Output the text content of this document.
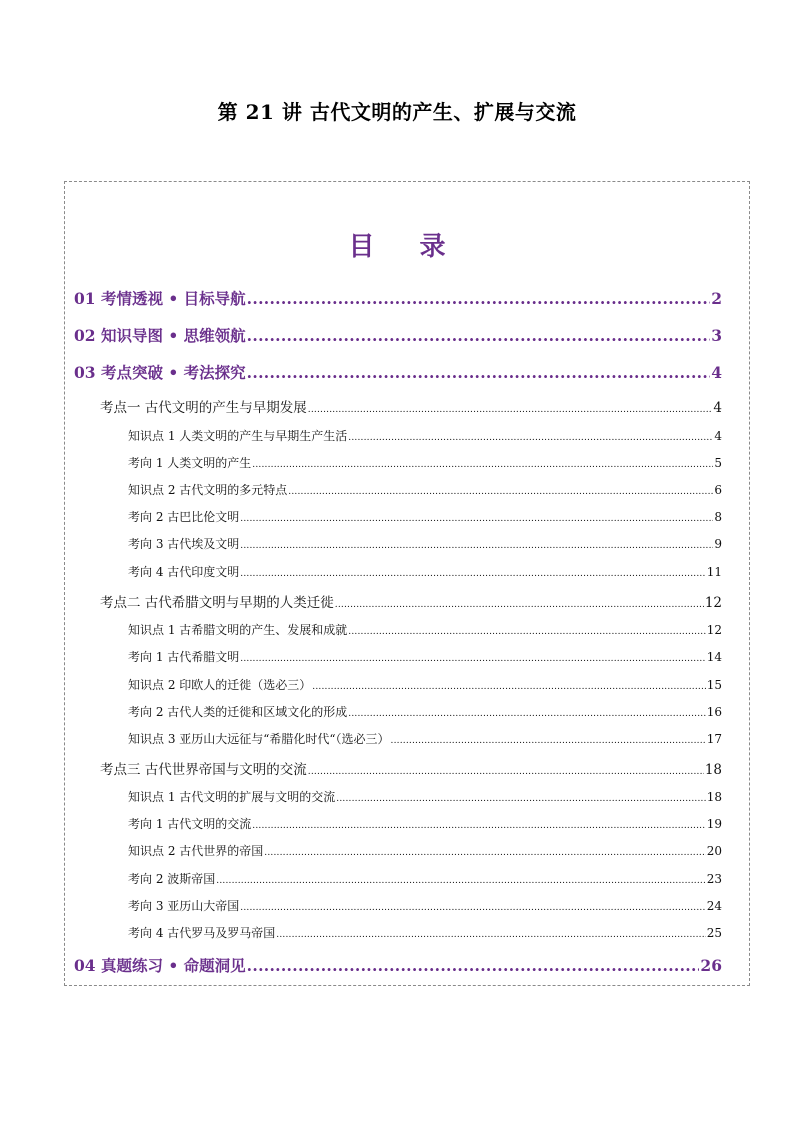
第 21 讲 古代文明的产生、扩展与交流
目 录
01 考情透视 • 目标导航 .....	2
02 知识导图 • 思维领航 .....	3
03 考点突破 • 考法探究 .....	4
考点一 古代文明的产生与早期发展 .....	4
知识点 1 人类文明的产生与早期生产生活 .....	4
考向 1 人类文明的产生 .....	5
知识点 2 古代文明的多元特点 .....	6
考向 2 古巴比伦文明 .....	8
考向 3 古代埃及文明 .....	9
考向 4 古代印度文明 .....	11
考点二 古代希腊文明与早期的人类迁徙 .....	12
知识点 1 古希腊文明的产生、发展和成就 .....	12
考向 1 古代希腊文明 .....	14
知识点 2 印欧人的迁徙（选必三） .....	15
考向 2 古代人类的迁徙和区域文化的形成 .....	16
知识点 3 亚历山大远征与“希腊化时代“（选必三） .....	17
考点三 古代世界帝国与文明的交流 .....	18
知识点 1 古代文明的扩展与文明的交流 .....	18
考向 1 古代文明的交流 .....	19
知识点 2 古代世界的帝国 .....	20
考向 2 波斯帝国 .....	23
考向 3 亚历山大帝国 .....	24
考向 4 古代罗马及罗马帝国 .....	25
04 真题练习 • 命题洞见 .....	26
